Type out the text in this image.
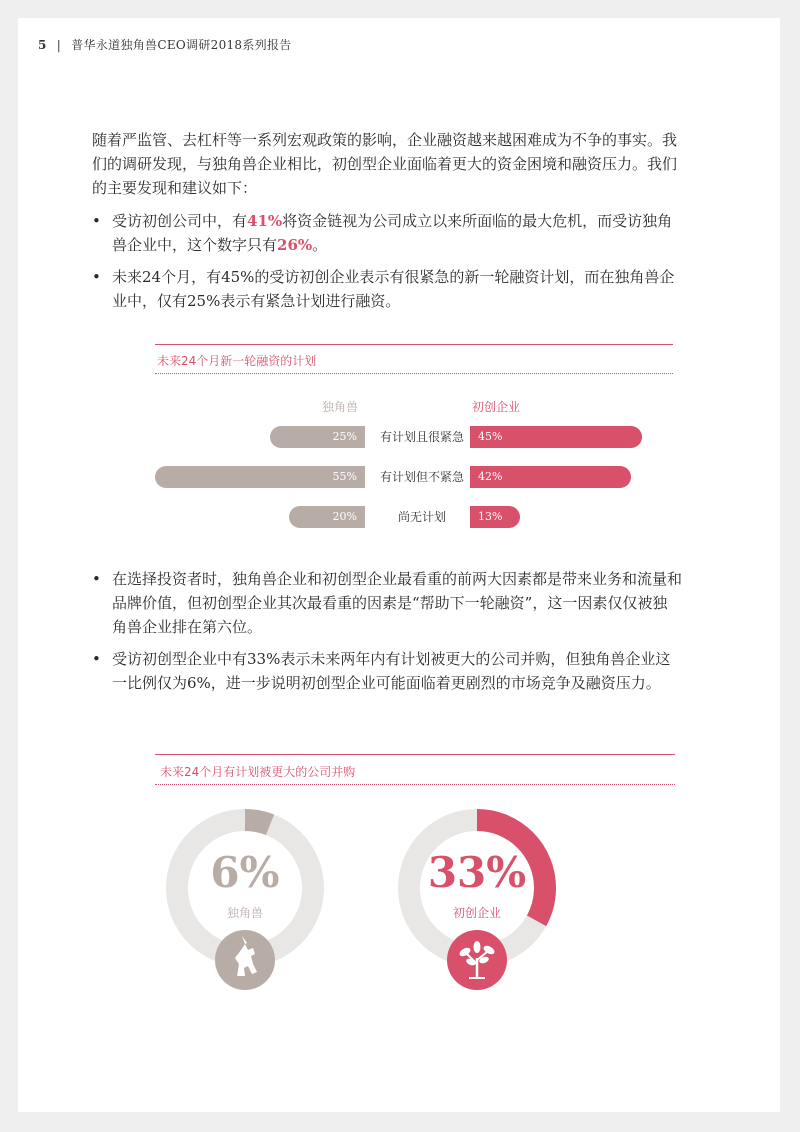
5 | 普华永道独角兽CEO调研2018系列报告
随着严监管、去杠杆等一系列宏观政策的影响，企业融资越来越困难成为不争的事实。我们的调研发现，与独角兽企业相比，初创型企业面临着更大的资金困境和融资压力。我们的主要发现和建议如下：
• 受访初创公司中，有41%将资金链视为公司成立以来所面临的最大危机，而受访独角兽企业中，这个数字只有26%。
• 未来24个月，有45%的受访初创企业表示有很紧急的新一轮融资计划，而在独角兽企业中，仅有25%表示有紧急计划进行融资。
未来24个月新一轮融资的计划
独角兽	初创企业
25%	有计划且很紧急	45%
55%	有计划但不紧急	42%
20%	尚无计划	13%
• 在选择投资者时，独角兽企业和初创型企业最看重的前两大因素都是带来业务和流量和品牌价值，但初创型企业其次最看重的因素是“帮助下一轮融资”，这一因素仅仅被独角兽企业排在第六位。
• 受访初创型企业中有33%表示未来两年内有计划被更大的公司并购，但独角兽企业这一比例仅为6%，进一步说明初创型企业可能面临着更剧烈的市场竞争及融资压力。
未来24个月有计划被更大的公司并购
6%
独角兽
33%
初创企业
